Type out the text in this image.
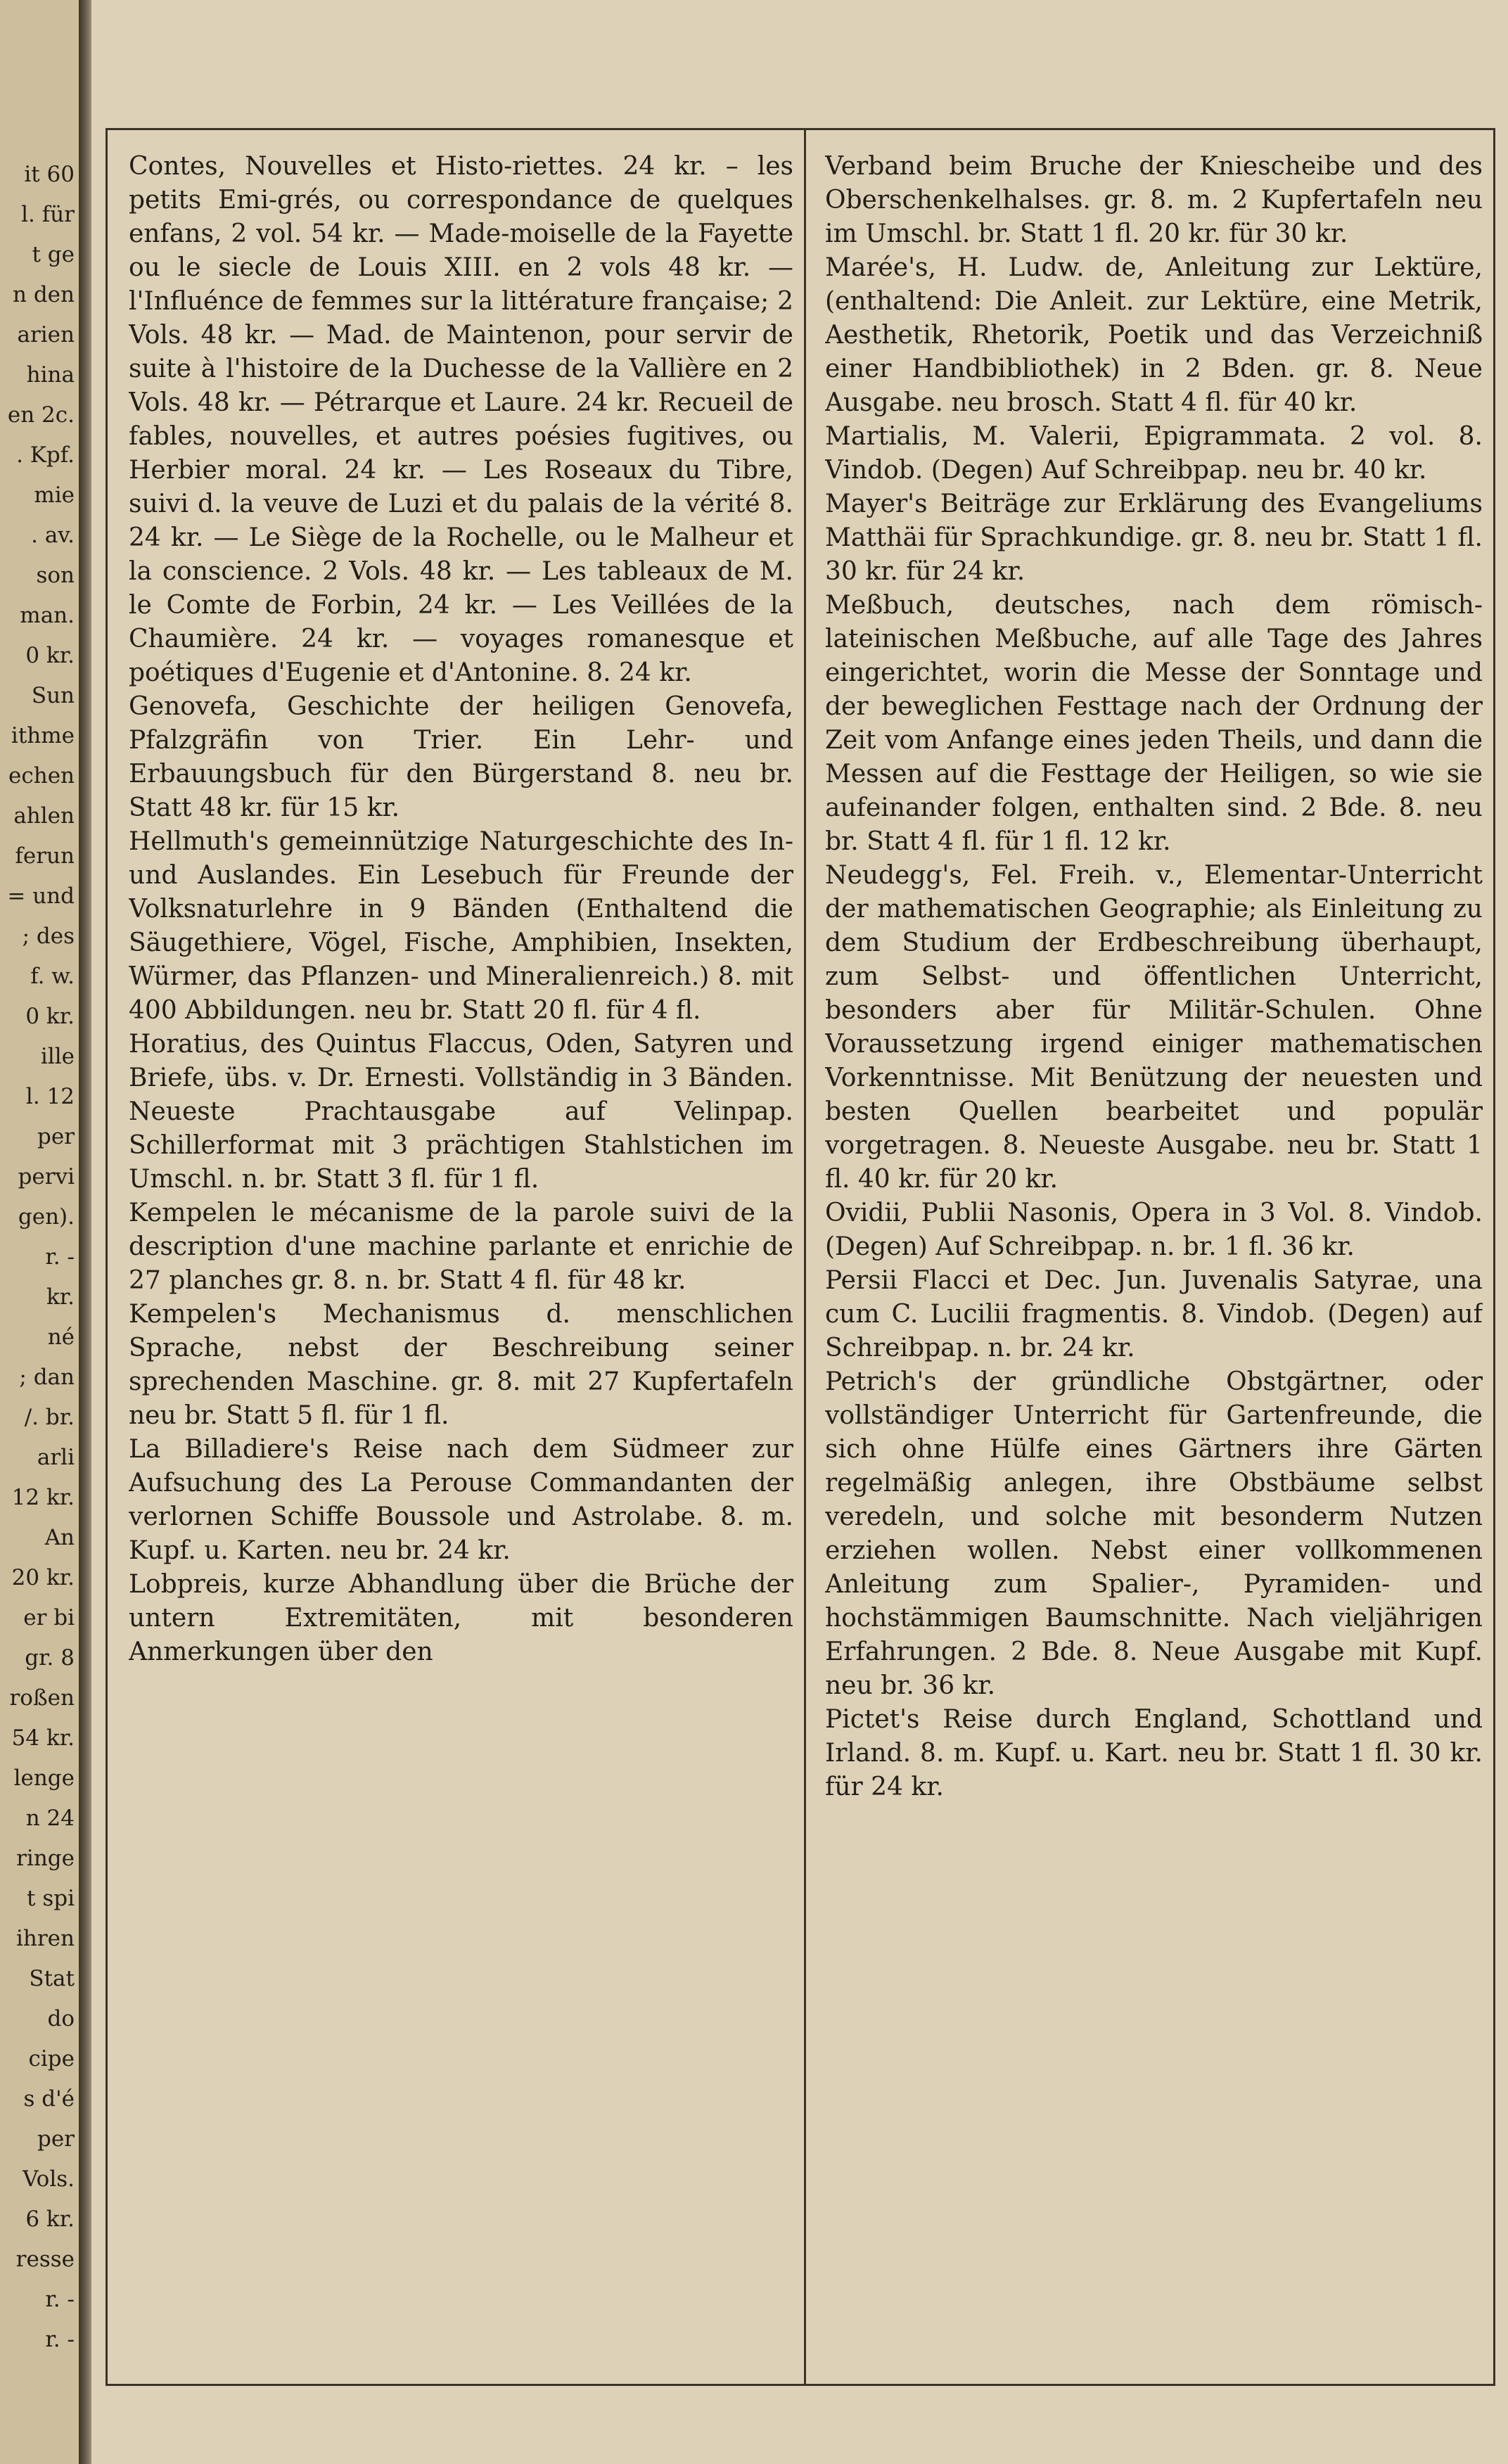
it 60
l. für
t ge
n den
arien
hina
en 2c.
. Kpf.
mie
. av.
son
man.
0 kr.
Sun
ithme
echen
ahlen
ferun
= und
; des
f. w.
0 kr.
ille
l. 12
per
pervi
gen).
r. -
kr.
né
; dan
/. br.
arli
12 kr.
An
20 kr.
er bi
gr. 8
roßen
54 kr.
lenge
n 24
ringe
t spi
ihren
Stat
do
cipe
s d'é
per
Vols.
6 kr.
resse
r. -
r. -

Contes, Nouvelles et Histo-riettes. 24 kr. – les petits Emi-grés, ou correspondance de quelques enfans, 2 vol. 54 kr. — Made-moiselle de la Fayette ou le siecle de Louis XIII. en 2 vols 48 kr. — l'Influénce de femmes sur la littérature française; 2 Vols. 48 kr. — Mad. de Maintenon, pour servir de suite à l'histoire de la Duchesse de la Vallière en 2 Vols. 48 kr. — Pétrarque et Laure. 24 kr. Recueil de fables, nouvelles, et autres poésies fugitives, ou Herbier moral. 24 kr. — Les Roseaux du Tibre, suivi d. la veuve de Luzi et du palais de la vérité 8. 24 kr. — Le Siège de la Rochelle, ou le Malheur et la conscience. 2 Vols. 48 kr. — Les tableaux de M. le Comte de Forbin, 24 kr. — Les Veillées de la Chaumière. 24 kr. — voyages romanesque et poétiques d'Eugenie et d'Antonine. 8. 24 kr.

Genovefa, Geschichte der heiligen Genovefa, Pfalzgräfin von Trier. Ein Lehr- und Erbauungsbuch für den Bürgerstand 8. neu br. Statt 48 kr. für 15 kr.

Hellmuth's gemeinnützige Naturgeschichte des In- und Auslandes. Ein Lesebuch für Freunde der Volksnaturlehre in 9 Bänden (Enthaltend die Säugethiere, Vögel, Fische, Amphibien, Insekten, Würmer, das Pflanzen- und Mineralienreich.) 8. mit 400 Abbildungen. neu br. Statt 20 fl. für 4 fl.

Horatius, des Quintus Flaccus, Oden, Satyren und Briefe, übs. v. Dr. Ernesti. Vollständig in 3 Bänden. Neueste Prachtausgabe auf Velinpap. Schillerformat mit 3 prächtigen Stahlstichen im Umschl. n. br. Statt 3 fl. für 1 fl.

Kempelen le mécanisme de la parole suivi de la description d'une machine parlante et enrichie de 27 planches gr. 8. n. br. Statt 4 fl. für 48 kr.

Kempelen's Mechanismus d. menschlichen Sprache, nebst der Beschreibung seiner sprechenden Maschine. gr. 8. mit 27 Kupfertafeln neu br. Statt 5 fl. für 1 fl.

La Billadiere's Reise nach dem Südmeer zur Aufsuchung des La Perouse Commandanten der verlornen Schiffe Boussole und Astrolabe. 8. m. Kupf. u. Karten. neu br. 24 kr.

Lobpreis, kurze Abhandlung über die Brüche der untern Extremitäten, mit besonderen Anmerkungen über den

Verband beim Bruche der Kniescheibe und des Oberschenkelhalses. gr. 8. m. 2 Kupfertafeln neu im Umschl. br. Statt 1 fl. 20 kr. für 30 kr.

Marée's, H. Ludw. de, Anleitung zur Lektüre, (enthaltend: Die Anleit. zur Lektüre, eine Metrik, Aesthetik, Rhetorik, Poetik und das Verzeichniß einer Handbibliothek) in 2 Bden. gr. 8. Neue Ausgabe. neu brosch. Statt 4 fl. für 40 kr.

Martialis, M. Valerii, Epigrammata. 2 vol. 8. Vindob. (Degen) Auf Schreibpap. neu br. 40 kr.

Mayer's Beiträge zur Erklärung des Evangeliums Matthäi für Sprachkundige. gr. 8. neu br. Statt 1 fl. 30 kr. für 24 kr.

Meßbuch, deutsches, nach dem römisch-lateinischen Meßbuche, auf alle Tage des Jahres eingerichtet, worin die Messe der Sonntage und der beweglichen Festtage nach der Ordnung der Zeit vom Anfange eines jeden Theils, und dann die Messen auf die Festtage der Heiligen, so wie sie aufeinander folgen, enthalten sind. 2 Bde. 8. neu br. Statt 4 fl. für 1 fl. 12 kr.

Neudegg's, Fel. Freih. v., Elementar-Unterricht der mathematischen Geographie; als Einleitung zu dem Studium der Erdbeschreibung überhaupt, zum Selbst- und öffentlichen Unterricht, besonders aber für Militär-Schulen. Ohne Voraussetzung irgend einiger mathematischen Vorkenntnisse. Mit Benützung der neuesten und besten Quellen bearbeitet und populär vorgetragen. 8. Neueste Ausgabe. neu br. Statt 1 fl. 40 kr. für 20 kr.

Ovidii, Publii Nasonis, Opera in 3 Vol. 8. Vindob. (Degen) Auf Schreibpap. n. br. 1 fl. 36 kr.

Persii Flacci et Dec. Jun. Juvenalis Satyrae, una cum C. Lucilii fragmentis. 8. Vindob. (Degen) auf Schreibpap. n. br. 24 kr.

Petrich's der gründliche Obstgärtner, oder vollständiger Unterricht für Gartenfreunde, die sich ohne Hülfe eines Gärtners ihre Gärten regelmäßig anlegen, ihre Obstbäume selbst veredeln, und solche mit besonderm Nutzen erziehen wollen. Nebst einer vollkommenen Anleitung zum Spalier-, Pyramiden- und hochstämmigen Baumschnitte. Nach vieljährigen Erfahrungen. 2 Bde. 8. Neue Ausgabe mit Kupf. neu br. 36 kr.

Pictet's Reise durch England, Schottland und Irland. 8. m. Kupf. u. Kart. neu br. Statt 1 fl. 30 kr. für 24 kr.
